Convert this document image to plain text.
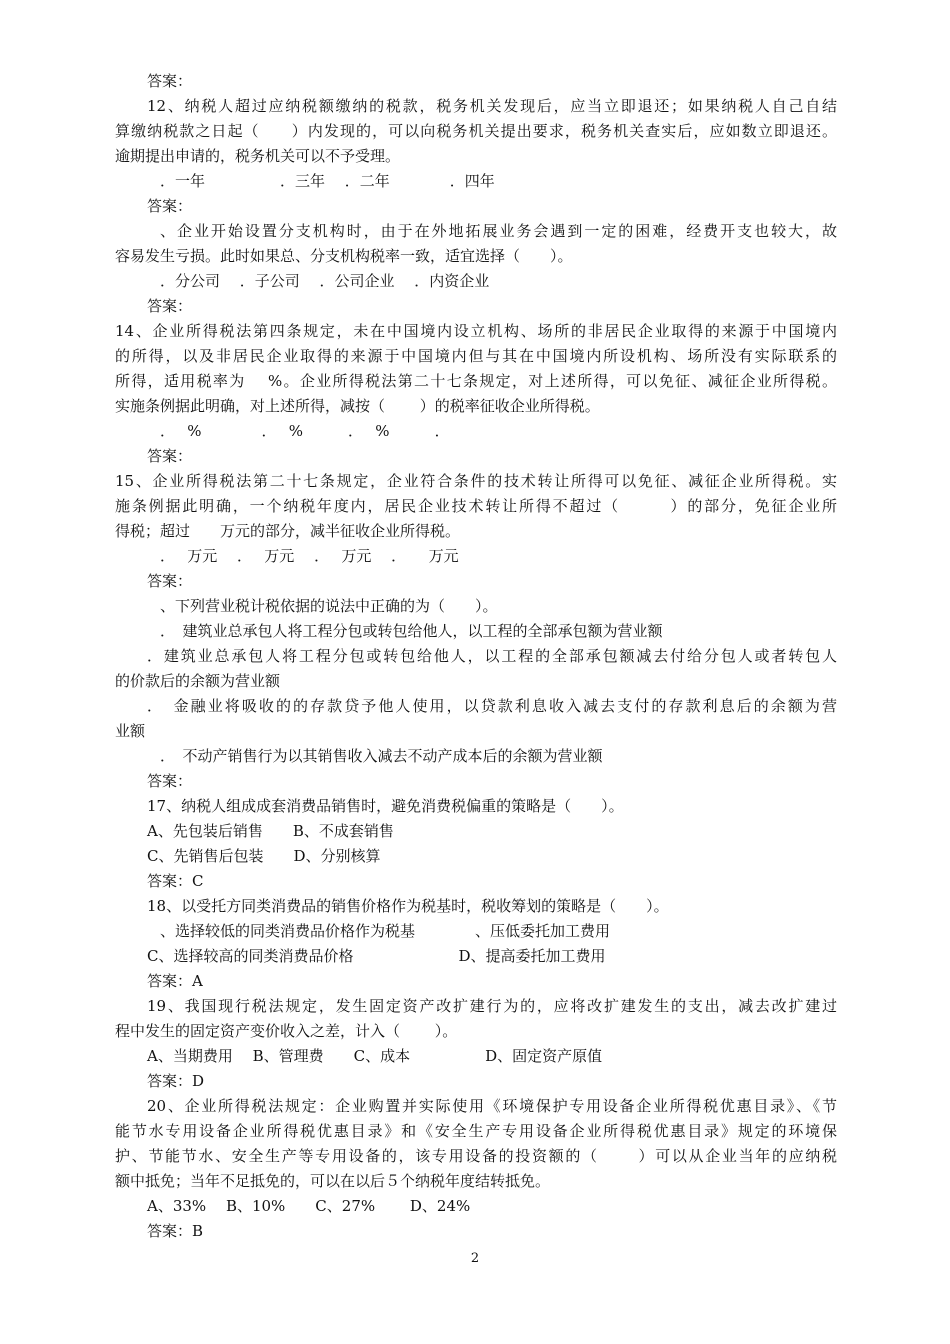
答案：
12、纳税人超过应纳税额缴纳的税款，税务机关发现后，应当立即退还；如果纳税人自己自结
算缴纳税款之日起（　　）内发现的，可以向税务机关提出要求，税务机关查实后，应如数立即退还。
逾期提出申请的，税务机关可以不予受理。
．一年　　　　　．三年　 ．二年　　　　．四年
答案：
、企业开始设置分支机构时，由于在外地拓展业务会遇到一定的困难，经费开支也较大，故
容易发生亏损。此时如果总、分支机构税率一致，适宜选择（　　）。
．分公司　 ．子公司　 ．公司企业　 ．内资企业
答案：
14、企业所得税法第四条规定，未在中国境内设立机构、场所的非居民企业取得的来源于中国境内
的所得，以及非居民企业取得的来源于中国境内但与其在中国境内所设机构、场所没有实际联系的
所得，适用税率为　 %。企业所得税法第二十七条规定，对上述所得，可以免征、减征企业所得税。
实施条例据此明确，对上述所得，减按（　　 ）的税率征收企业所得税。
．　 %　　　　．　 %　　　．　 %　　　．
答案：
15、企业所得税法第二十七条规定，企业符合条件的技术转让所得可以免征、减征企业所得税。实
施条例据此明确，一个纳税年度内，居民企业技术转让所得不超过（　　　）的部分，免征企业所
得税；超过　　万元的部分，减半征收企业所得税。
．　 万元　 ．　 万元　 ．　 万元　 ．　　万元
答案：
、下列营业税计税依据的说法中正确的为（　　）。
．　建筑业总承包人将工程分包或转包给他人，以工程的全部承包额为营业额
．建筑业总承包人将工程分包或转包给他人，以工程的全部承包额减去付给分包人或者转包人
的价款后的余额为营业额
．　金融业将吸收的的存款贷予他人使用，以贷款利息收入减去支付的存款利息后的余额为营
业额
．　不动产销售行为以其销售收入减去不动产成本后的余额为营业额
答案：
17、纳税人组成成套消费品销售时，避免消费税偏重的策略是（　　）。
A、先包装后销售　　B、不成套销售
C、先销售后包装　　D、分别核算
答案：C
18、以受托方同类消费品的销售价格作为税基时，税收筹划的策略是（　　）。
、选择较低的同类消费品价格作为税基　　　　、压低委托加工费用
C、选择较高的同类消费品价格　　　　　　　D、提高委托加工费用
答案：A
19、我国现行税法规定，发生固定资产改扩建行为的，应将改扩建发生的支出，减去改扩建过
程中发生的固定资产变价收入之差，计入（　　 ）。
A、当期费用　 B、管理费　　C、成本　　　　　D、固定资产原值
答案：D
20、企业所得税法规定：企业购置并实际使用《环境保护专用设备企业所得税优惠目录》、《节
能节水专用设备企业所得税优惠目录》和《安全生产专用设备企业所得税优惠目录》规定的环境保
护、节能节水、安全生产等专用设备的，该专用设备的投资额的（　　 ）可以从企业当年的应纳税
额中抵免；当年不足抵免的，可以在以后５个纳税年度结转抵免。
A、33%　 B、10%　　C、27%　　 D、24%
答案：B
2
